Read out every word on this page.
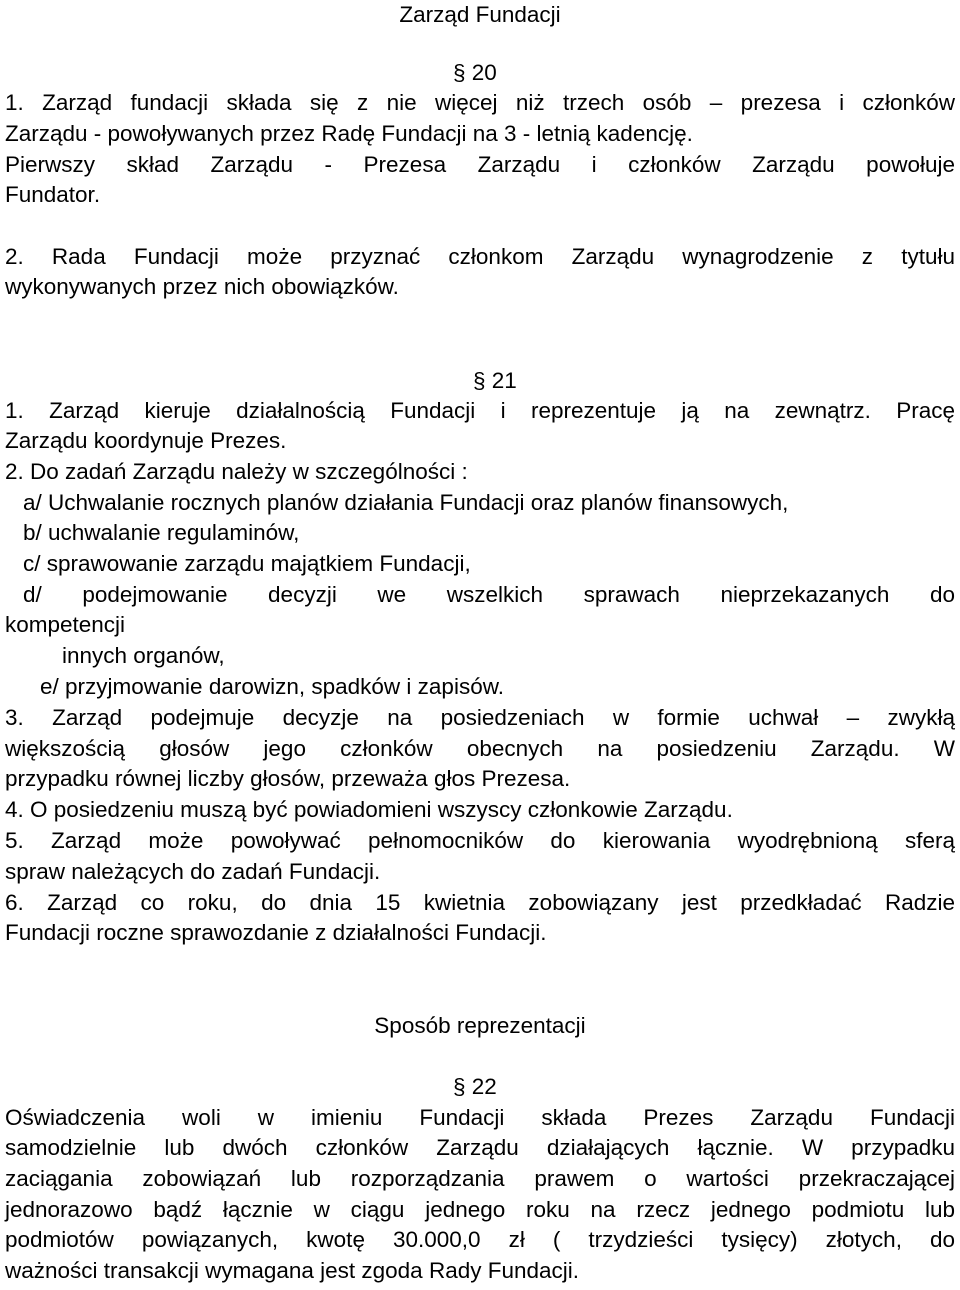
Zarząd Fundacji
§ 20
1. Zarząd fundacji składa się z nie więcej niż trzech osób – prezesa i członków
Zarządu - powoływanych przez Radę Fundacji na 3 - letnią kadencję.
Pierwszy skład Zarządu - Prezesa Zarządu i członków Zarządu powołuje
Fundator.
2. Rada Fundacji może przyznać członkom Zarządu wynagrodzenie z tytułu
wykonywanych przez nich obowiązków.
§ 21
1. Zarząd kieruje działalnością Fundacji i reprezentuje ją na zewnątrz. Pracę
Zarządu koordynuje Prezes.
2. Do zadań Zarządu należy w szczególności :
a/ Uchwalanie rocznych planów działania Fundacji oraz planów finansowych,
b/ uchwalanie regulaminów,
c/ sprawowanie zarządu majątkiem Fundacji,
d/ podejmowanie decyzji we wszelkich sprawach nieprzekazanych do
kompetencji
innych organów,
e/ przyjmowanie darowizn, spadków i zapisów.
3. Zarząd podejmuje decyzje na posiedzeniach w formie uchwał – zwykłą
większością głosów jego członków obecnych na posiedzeniu Zarządu. W
przypadku równej liczby głosów, przeważa głos Prezesa.
4. O posiedzeniu muszą być powiadomieni wszyscy członkowie Zarządu.
5. Zarząd może powoływać pełnomocników do kierowania wyodrębnioną sferą
spraw należących do zadań Fundacji.
6. Zarząd co roku, do dnia 15 kwietnia zobowiązany jest przedkładać Radzie
Fundacji roczne sprawozdanie z działalności Fundacji.
Sposób reprezentacji
§ 22
Oświadczenia woli w imieniu Fundacji składa Prezes Zarządu Fundacji
samodzielnie lub dwóch członków Zarządu działających łącznie. W przypadku
zaciągania zobowiązań lub rozporządzania prawem o wartości przekraczającej
jednorazowo bądź łącznie w ciągu jednego roku na rzecz jednego podmiotu lub
podmiotów powiązanych, kwotę 30.000,0 zł ( trzydzieści tysięcy) złotych, do
ważności transakcji wymagana jest zgoda Rady Fundacji.
